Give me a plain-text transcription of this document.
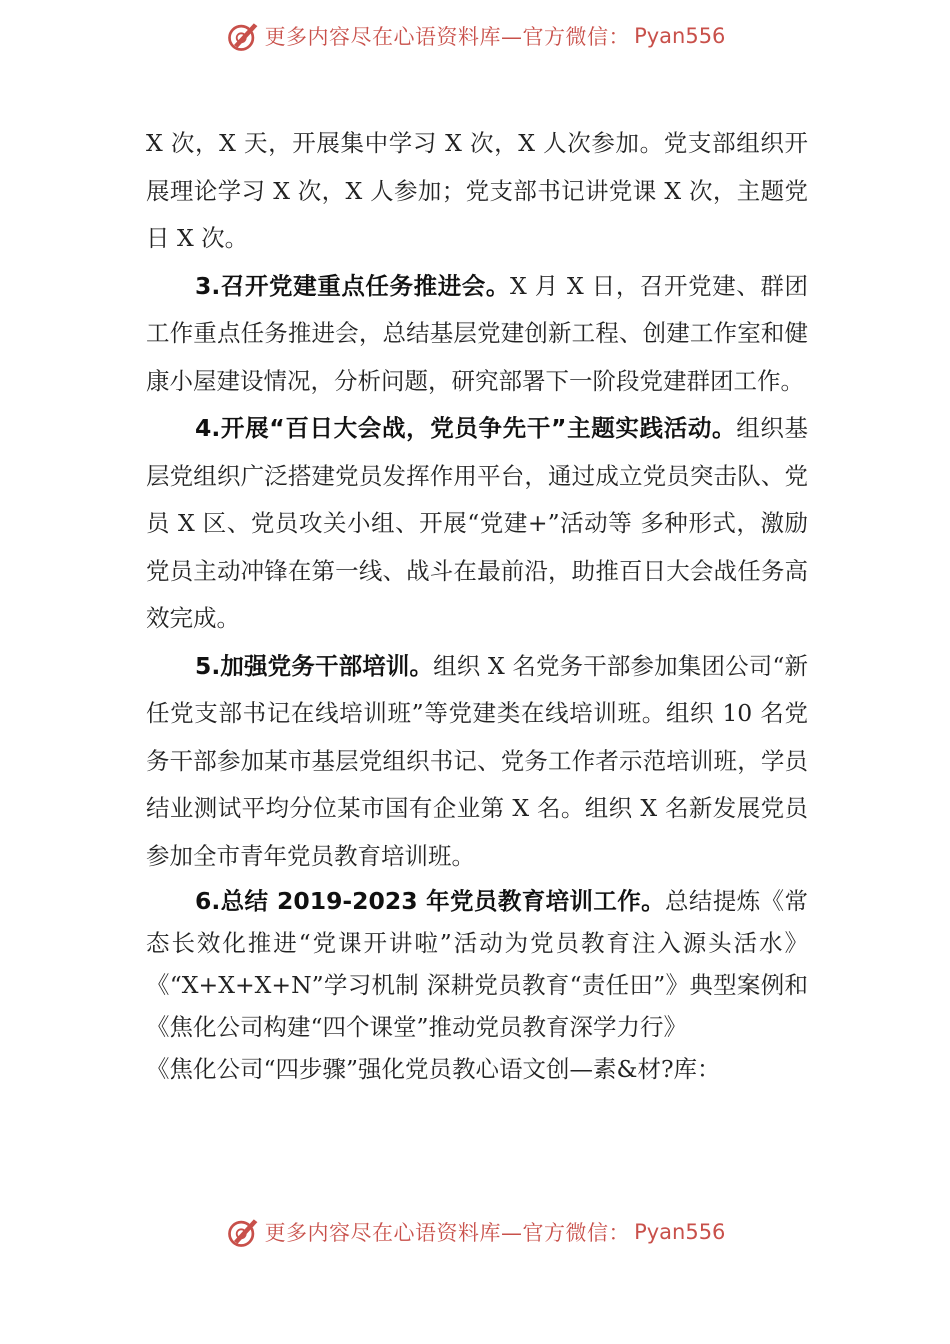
更多内容尽在心语资料库—官方微信： Pyan556

X 次，X 天，开展集中学习 X 次，X 人次参加。党支部组织开展理论学习 X 次，X 人参加；党支部书记讲党课 X 次，主题党日 X 次。

3.召开党建重点任务推进会。X 月 X 日，召开党建、群团工作重点任务推进会，总结基层党建创新工程、创建工作室和健康小屋建设情况，分析问题，研究部署下一阶段党建群团工作。

4.开展“百日大会战，党员争先干”主题实践活动。组织基层党组织广泛搭建党员发挥作用平台，通过成立党员突击队、党员 X 区、党员攻关小组、开展“党建+”活动等 多种形式，激励党员主动冲锋在第一线、战斗在最前沿，助推百日大会战任务高效完成。

5.加强党务干部培训。组织 X 名党务干部参加集团公司“新任党支部书记在线培训班”等党建类在线培训班。组织 10 名党务干部参加某市基层党组织书记、党务工作者示范培训班，学员结业测试平均分位某市国有企业第 X 名。组织 X 名新发展党员参加全市青年党员教育培训班。

6.总结 2019-2023 年党员教育培训工作。总结提炼《常态长效化推进“党课开讲啦”活动为党员教育注入源头活水》《“X+X+X+N”学习机制 深耕党员教育“责任田”》典型案例和《焦化公司构建“四个课堂”推动党员教育深学力行》

《焦化公司“四步骤”强化党员教心语文创—素&材?库：

更多内容尽在心语资料库—官方微信： Pyan556
